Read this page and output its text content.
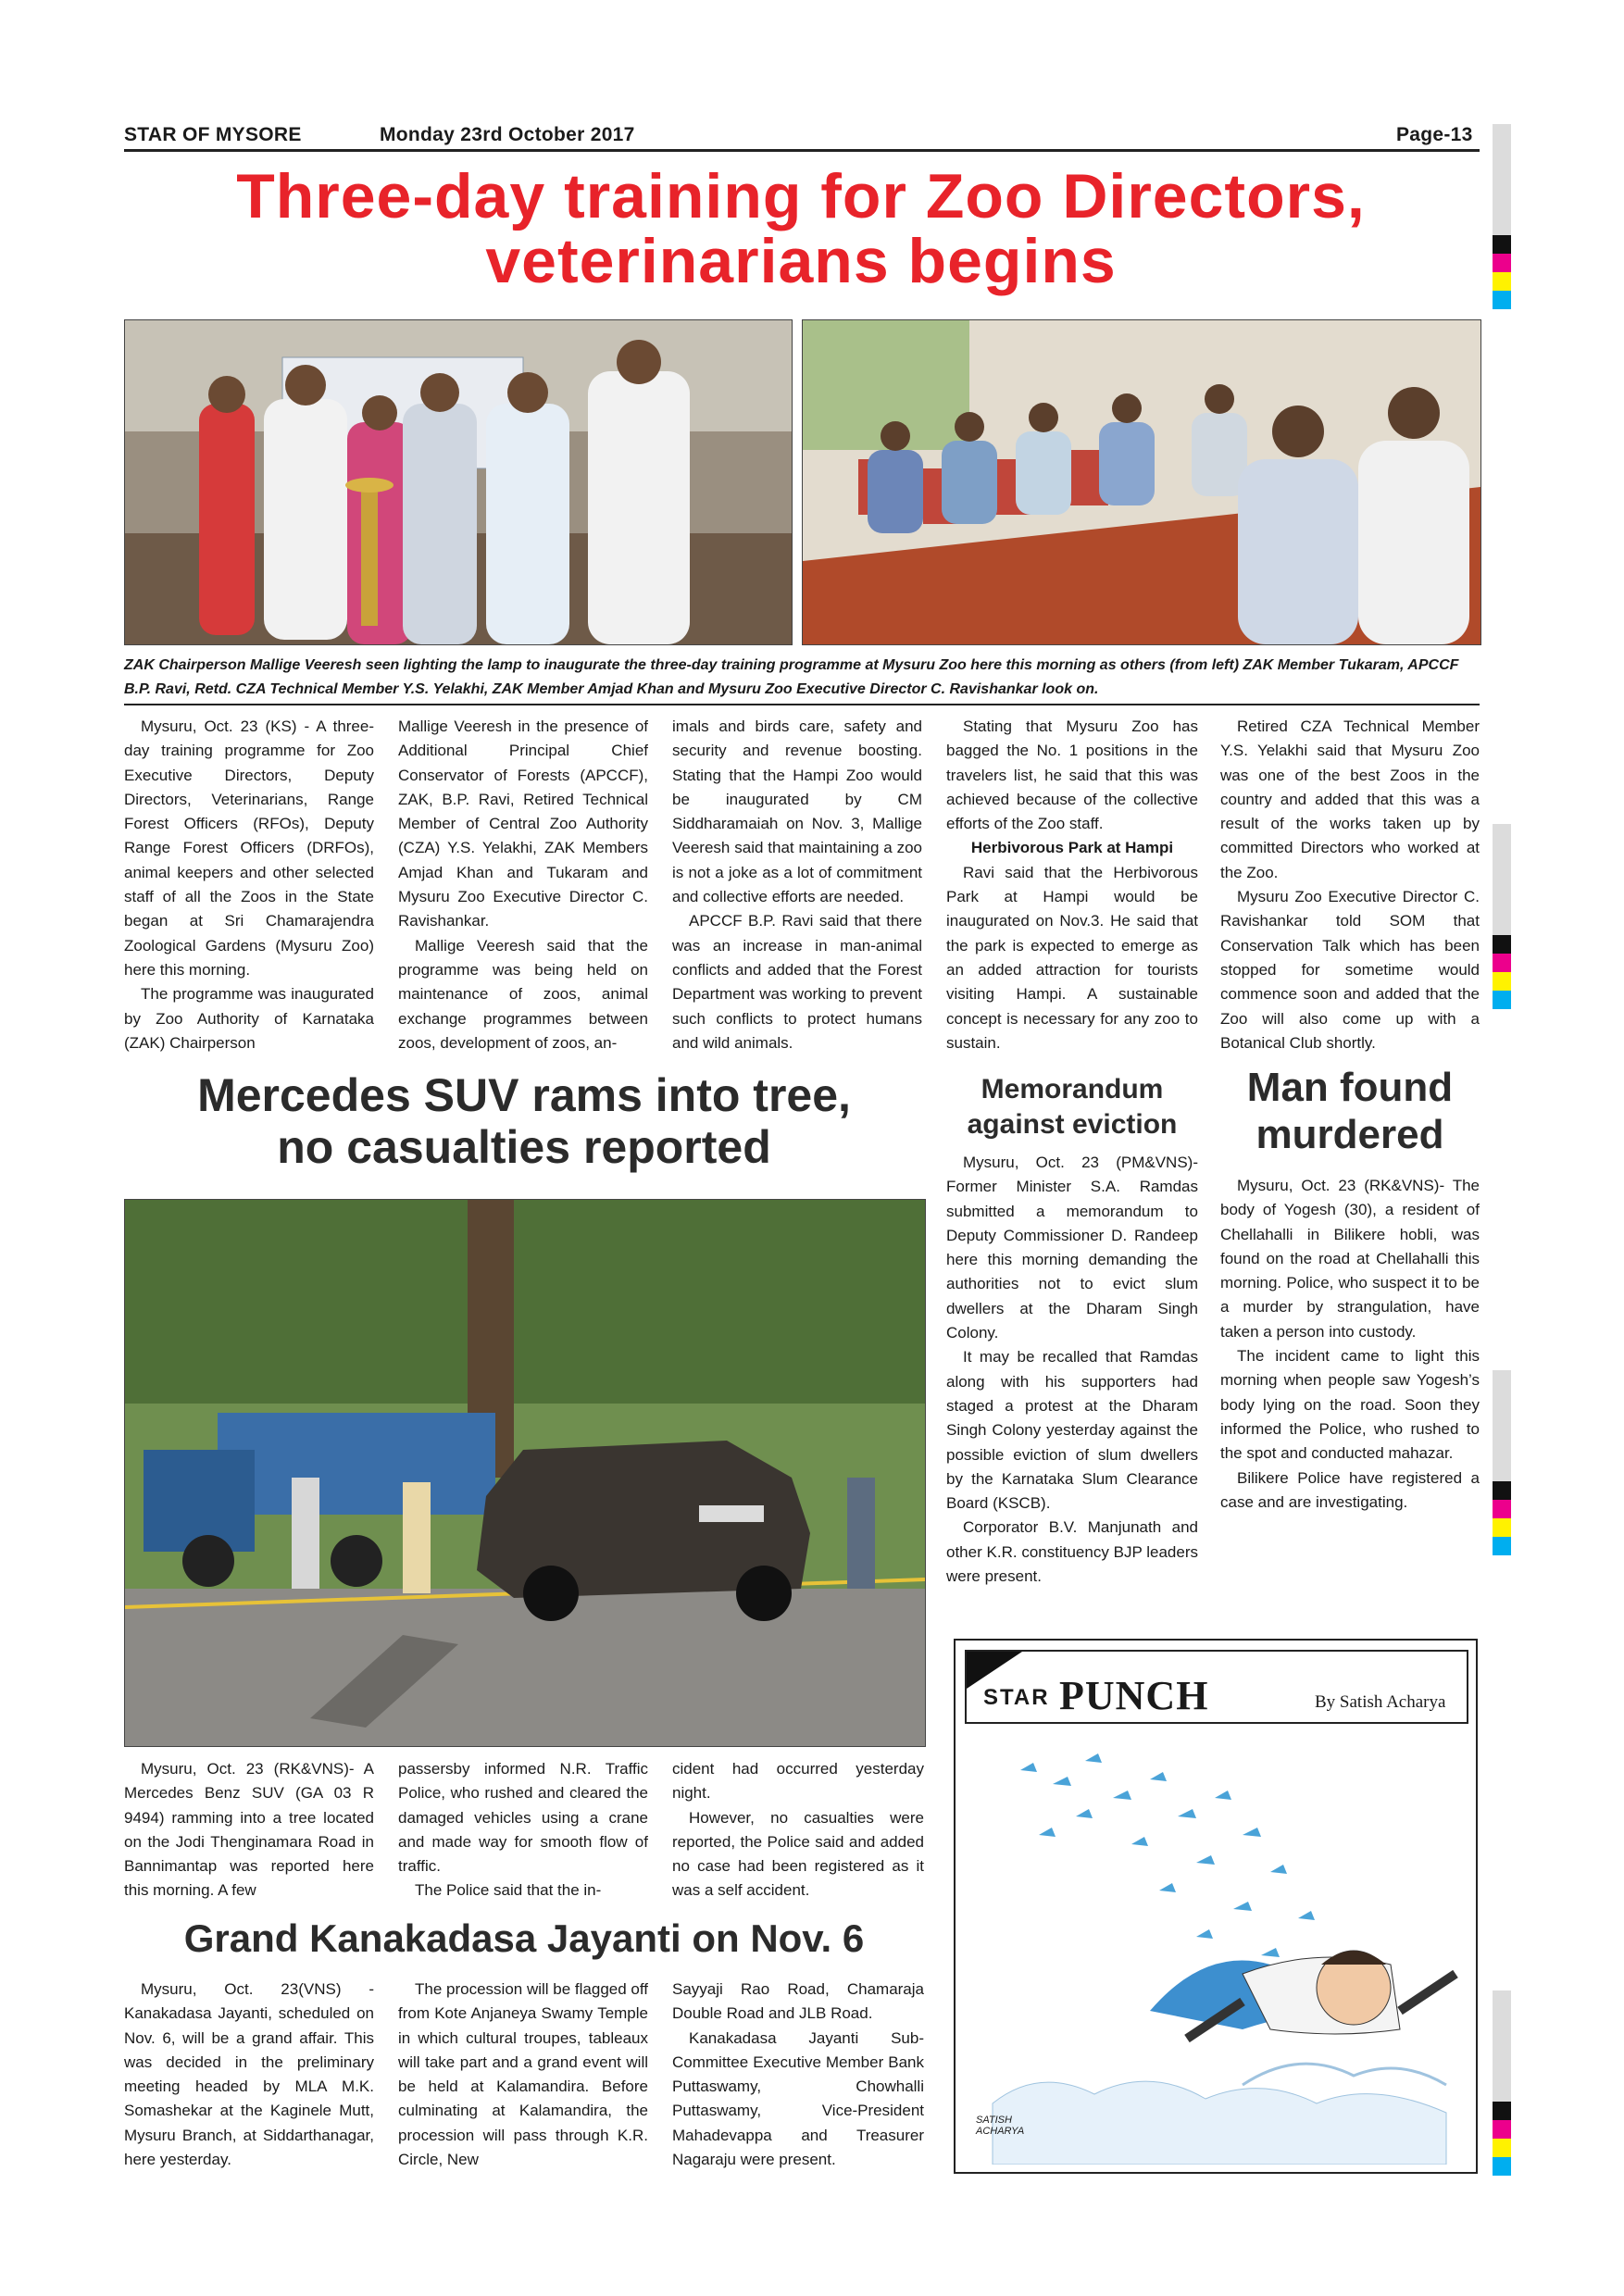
STAR OF MYSORE	Monday 23rd October 2017	Page-13
Three-day training for Zoo Directors,
veterinarians begins
ZAK Chairperson Mallige Veeresh seen lighting the lamp to inaugurate the three-day training programme at Mysuru Zoo here this morning as others (from left) ZAK Member Tukaram, APCCF B.P. Ravi, Retd. CZA Technical Member Y.S. Yelakhi, ZAK Member Amjad Khan and Mysuru Zoo Executive Director C. Ravishankar look on.

Mysuru, Oct. 23 (KS) - A three-day training programme for Zoo Executive Directors, Deputy Directors, Veterinarians, Range Forest Officers (RFOs), Deputy Range Forest Officers (DRFOs), animal keepers and other selected staff of all the Zoos in the State began at Sri Chamarajendra Zoological Gardens (Mysuru Zoo) here this morning.

The programme was inaugurated by Zoo Authority of Karnataka (ZAK) Chairperson

Mallige Veeresh in the presence of Additional Principal Chief Conservator of Forests (APCCF), ZAK, B.P. Ravi, Retired Technical Member of Central Zoo Authority (CZA) Y.S. Yelakhi, ZAK Members Amjad Khan and Tukaram and Mysuru Zoo Executive Director C. Ravishankar.

Mallige Veeresh said that the programme was being held on maintenance of zoos, animal exchange programmes between zoos, development of zoos, an-

imals and birds care, safety and security and revenue boosting. Stating that the Hampi Zoo would be inaugurated by CM Siddharamaiah on Nov. 3, Mallige Veeresh said that maintaining a zoo is not a joke as a lot of commitment and collective efforts are needed.

APCCF B.P. Ravi said that there was an increase in man-animal conflicts and added that the Forest Department was working to prevent such conflicts to protect humans and wild animals.

Stating that Mysuru Zoo has bagged the No. 1 positions in the travelers list, he said that this was achieved because of the collective efforts of the Zoo staff.

Herbivorous Park at Hampi

Ravi said that the Herbivorous Park at Hampi would be inaugurated on Nov.3. He said that the park is expected to emerge as an added attraction for tourists visiting Hampi. A sustainable concept is necessary for any zoo to sustain.

Retired CZA Technical Member Y.S. Yelakhi said that Mysuru Zoo was one of the best Zoos in the country and added that this was a result of the works taken up by committed Directors who worked at the Zoo.

Mysuru Zoo Executive Director C. Ravishankar told SOM that Conservation Talk which has been stopped for sometime would commence soon and added that the Zoo will also come up with a Botanical Club shortly.

Mercedes SUV rams into tree,
no casualties reported

Mysuru, Oct. 23 (RK&VNS)- A Mercedes Benz SUV (GA 03 R 9494) ramming into a tree located on the Jodi Thenginamara Road in Bannimantap was reported here this morning. A few

passersby informed N.R. Traffic Police, who rushed and cleared the damaged vehicles using a crane and made way for smooth flow of traffic.

The Police said that the in-

cident had occurred yesterday night.

However, no casualties were reported, the Police said and added no case had been registered as it was a self accident.

Memorandum
against eviction

Mysuru, Oct. 23 (PM&VNS)- Former Minister S.A. Ramdas submitted a memorandum to Deputy Commissioner D. Randeep here this morning demanding the authorities not to evict slum dwellers at the Dharam Singh Colony.

It may be recalled that Ramdas along with his supporters had staged a protest at the Dharam Singh Colony yesterday against the possible eviction of slum dwellers by the Karnataka Slum Clearance Board (KSCB).

Corporator B.V. Manjunath and other K.R. constituency BJP leaders were present.

Man found
murdered

Mysuru, Oct. 23 (RK&VNS)- The body of Yogesh (30), a resident of Chellahalli in Bilikere hobli, was found on the road at Chellahalli this morning. Police, who suspect it to be a murder by strangulation, have taken a person into custody.

The incident came to light this morning when people saw Yogesh’s body lying on the road. Soon they informed the Police, who rushed to the spot and conducted mahazar.

Bilikere Police have registered a case and are investigating.

STAR PUNCH	By Satish Acharya
SATISH ACHARYA
Grand Kanakadasa Jayanti on Nov. 6

Mysuru, Oct. 23(VNS) - Kanakadasa Jayanti, scheduled on Nov. 6, will be a grand affair. This was decided in the preliminary meeting headed by MLA M.K. Somashekar at the Kaginele Mutt, Mysuru Branch, at Siddarthanagar, here yesterday.

The procession will be flagged off from Kote Anjaneya Swamy Temple in which cultural troupes, tableaux will take part and a grand event will be held at Kalamandira. Before culminating at Kalamandira, the procession will pass through K.R. Circle, New

Sayyaji Rao Road, Chamaraja Double Road and JLB Road.

Kanakadasa Jayanti Sub-Committee Executive Member Bank Puttaswamy, Chowhalli Puttaswamy, Vice-President Mahadevappa and Treasurer Nagaraju were present.
